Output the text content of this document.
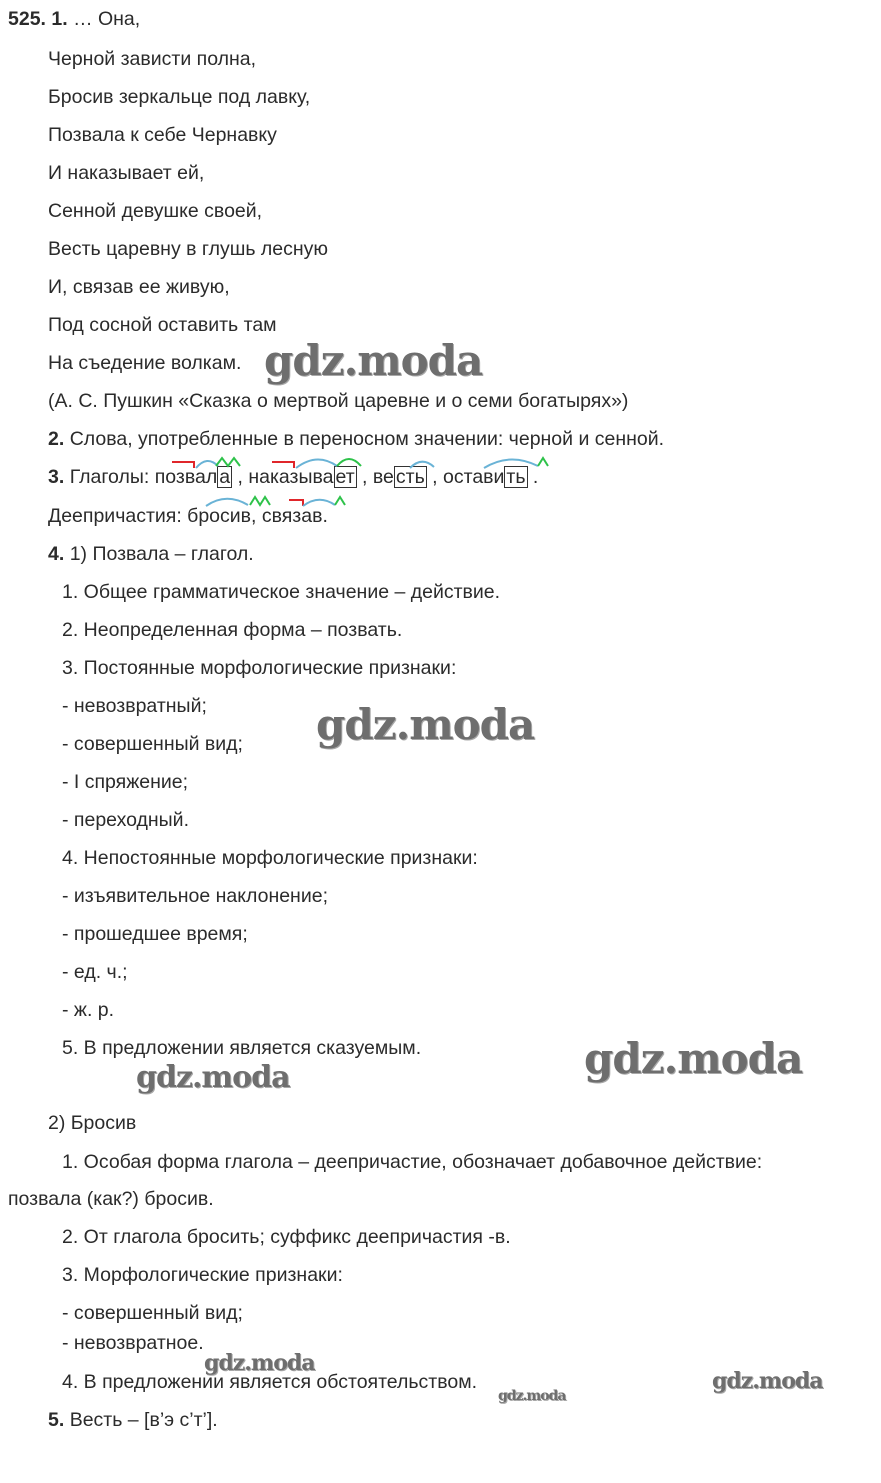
525. 1. … Она,
Черной зависти полна,
Бросив зеркальце под лавку,
Позвала к себе Чернавку
И наказывает ей,
Сенной девушке своей,
Весть царевну в глушь лесную
И, связав ее живую,
Под сосной оставить там
На съедение волкам.
(А. С. Пушкин «Сказка о мертвой царевне и о семи богатырях»)
2. Слова, употребленные в переносном значении: черной и сенной.
3. Глаголы: позвал а , наказыва ет , ве сть , остави ть .
Деепричастия: бросив, связав.
4. 1) Позвала – глагол.
1. Общее грамматическое значение – действие.
2. Неопределенная форма – позвать.
3. Постоянные морфологические признаки:
- невозвратный;
- совершенный вид;
- I спряжение;
- переходный.
4. Непостоянные морфологические признаки:
- изъявительное наклонение;
- прошедшее время;
- ед. ч.;
- ж. р.
5. В предложении является сказуемым.
2) Бросив
1. Особая форма глагола – деепричастие, обозначает добавочное действие:
позвала (как?) бросив.
2. От глагола бросить; суффикс деепричастия -в.
3. Морфологические признаки:
- совершенный вид;
- невозвратное.
4. В предложении является обстоятельством.
5. Весть – [в’э с’т’].
gdz.moda
gdz.moda
gdz.moda
gdz.moda
gdz.moda
gdz.moda
gdz.moda
